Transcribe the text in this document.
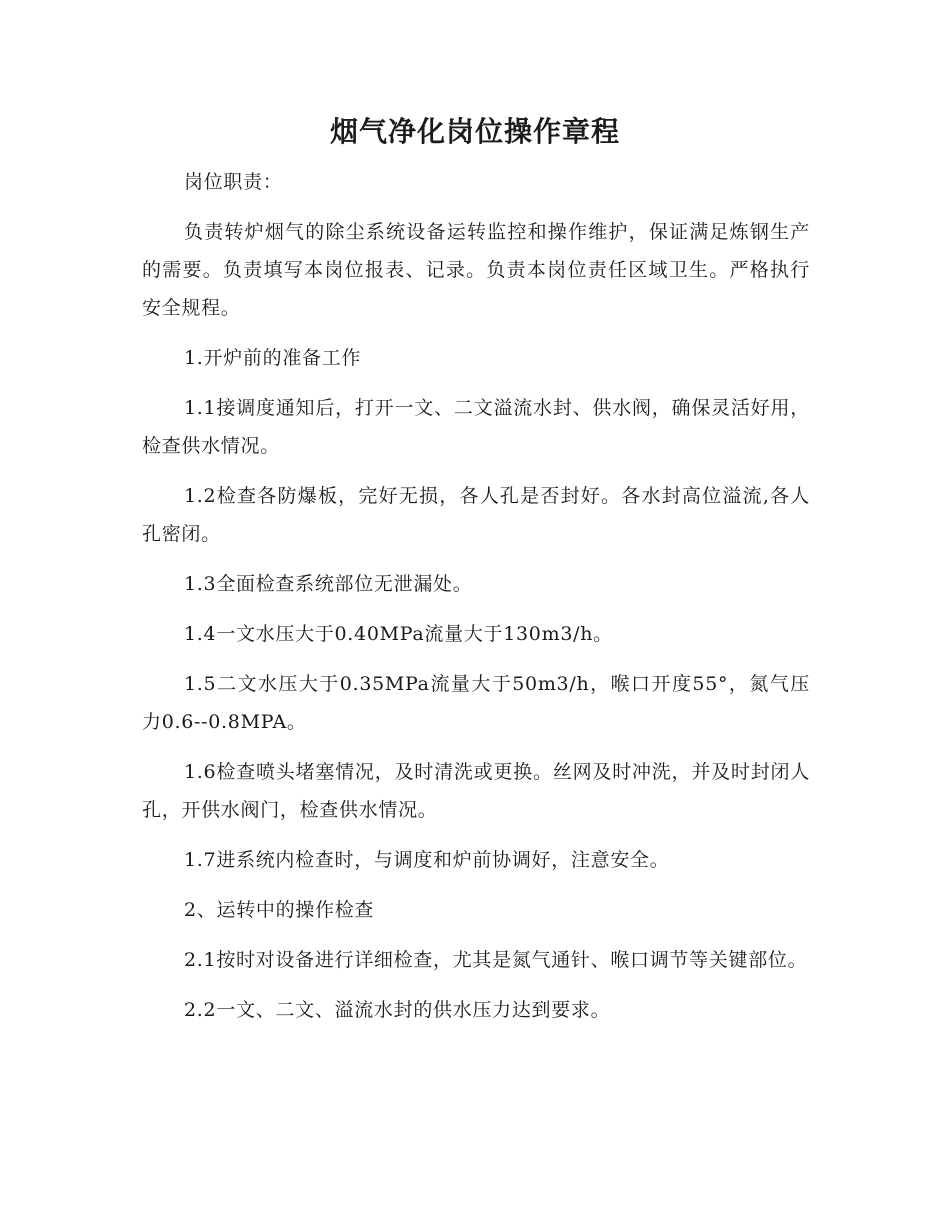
烟气净化岗位操作章程

岗位职责：

负责转炉烟气的除尘系统设备运转监控和操作维护，保证满足炼钢生产的需要。负责填写本岗位报表、记录。负责本岗位责任区域卫生。严格执行安全规程。

1.开炉前的准备工作

1.1接调度通知后，打开一文、二文溢流水封、供水阀，确保灵活好用，检查供水情况。

1.2检查各防爆板，完好无损，各人孔是否封好。各水封高位溢流,各人孔密闭。

1.3全面检查系统部位无泄漏处。

1.4一文水压大于0.40MPa流量大于130m3/h。

1.5二文水压大于0.35MPa流量大于50m3/h，喉口开度55°，氮气压力0.6--0.8MPA。

1.6检查喷头堵塞情况，及时清洗或更换。丝网及时冲洗，并及时封闭人孔，开供水阀门，检查供水情况。

1.7进系统内检查时，与调度和炉前协调好，注意安全。

2、运转中的操作检查

2.1按时对设备进行详细检查，尤其是氮气通针、喉口调节等关键部位。

2.2一文、二文、溢流水封的供水压力达到要求。
